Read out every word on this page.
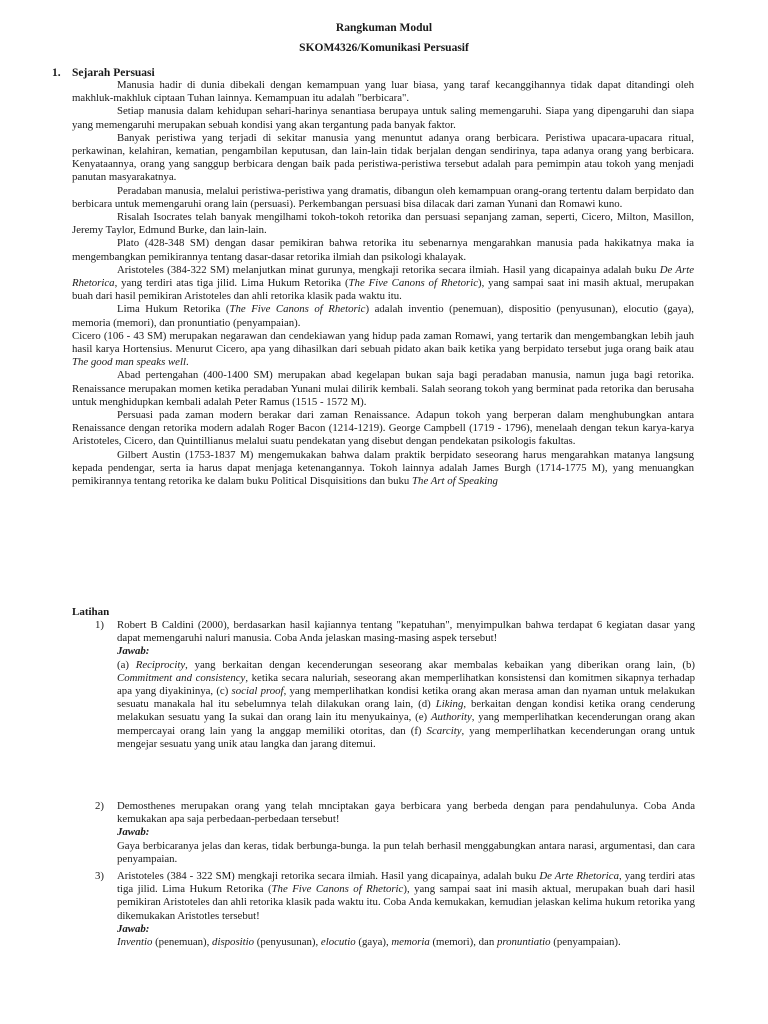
Rangkuman Modul
SKOM4326/Komunikasi Persuasif
1. Sejarah Persuasi

Manusia hadir di dunia dibekali dengan kemampuan yang luar biasa, yang taraf kecanggihannya tidak dapat ditandingi oleh makhluk-makhluk ciptaan Tuhan lainnya. Kemampuan itu adalah "berbicara".

Setiap manusia dalam kehidupan sehari-harinya senantiasa berupaya untuk saling memengaruhi. Siapa yang dipengaruhi dan siapa yang memengaruhi merupakan sebuah kondisi yang akan tergantung pada banyak faktor.

Banyak peristiwa yang terjadi di sekitar manusia yang menuntut adanya orang berbicara. Peristiwa upacara-upacara ritual, perkawinan, kelahiran, kematian, pengambilan keputusan, dan lain-lain tidak berjalan dengan sendirinya, tapa adanya orang yang berbicara. Kenyataannya, orang yang sanggup berbicara dengan baik pada peristiwa-peristiwa tersebut adalah para pemimpin atau tokoh yang menjadi panutan masyarakatnya.

Peradaban manusia, melalui peristiwa-peristiwa yang dramatis, dibangun oleh kemampuan orang-orang tertentu dalam berpidato dan berbicara untuk memengaruhi orang lain (persuasi). Perkembangan persuasi bisa dilacak dari zaman Yunani dan Romawi kuno.

Risalah Isocrates telah banyak mengilhami tokoh-tokoh retorika dan persuasi sepanjang zaman, seperti, Cicero, Milton, Masillon, Jeremy Taylor, Edmund Burke, dan lain-lain.

Plato (428-348 SM) dengan dasar pemikiran bahwa retorika itu sebenarnya mengarahkan manusia pada hakikatnya maka ia mengembangkan pemikirannya tentang dasar-dasar retorika ilmiah dan psikologi khalayak.

Aristoteles (384-322 SM) melanjutkan minat gurunya, mengkaji retorika secara ilmiah. Hasil yang dicapainya adalah buku De Arte Rhetorica, yang terdiri atas tiga jilid. Lima Hukum Retorika (The Five Canons of Rhetoric), yang sampai saat ini masih aktual, merupakan buah dari hasil pemikiran Aristoteles dan ahli retorika klasik pada waktu itu.

Lima Hukum Retorika (The Five Canons of Rhetoric) adalah inventio (penemuan), dispositio (penyusunan), elocutio (gaya), memoria (memori), dan pronuntiatio (penyampaian).

Cicero (106 - 43 SM) merupakan negarawan dan cendekiawan yang hidup pada zaman Romawi, yang tertarik dan mengembangkan lebih jauh hasil karya Hortensius. Menurut Cicero, apa yang dihasilkan dari sebuah pidato akan baik ketika yang berpidato tersebut juga orang baik atau The good man speaks well.

Abad pertengahan (400-1400 SM) merupakan abad kegelapan bukan saja bagi peradaban manusia, namun juga bagi retorika. Renaissance merupakan momen ketika peradaban Yunani mulai dilirik kembali. Salah seorang tokoh yang berminat pada retorika dan berusaha untuk menghidupkan kembali adalah Peter Ramus (1515 - 1572 M).

Persuasi pada zaman modern berakar dari zaman Renaissance. Adapun tokoh yang berperan dalam menghubungkan antara Renaissance dengan retorika modern adalah Roger Bacon (1214-1219). George Campbell (1719 - 1796), menelaah dengan tekun karya-karya Aristoteles, Cicero, dan Quintillianus melalui suatu pendekatan yang disebut dengan pendekatan psikologis fakultas.

Gilbert Austin (1753-1837 M) mengemukakan bahwa dalam praktik berpidato seseorang harus mengarahkan matanya langsung kepada pendengar, serta ia harus dapat menjaga ketenangannya. Tokoh lainnya adalah James Burgh (1714-1775 M), yang menuangkan pemikirannya tentang retorika ke dalam buku Political Disquisitions dan buku The Art of Speaking

Latihan
1)	Robert B Caldini (2000), berdasarkan hasil kajiannya tentang "kepatuhan", menyimpulkan bahwa terdapat 6 kegiatan dasar yang dapat memengaruhi naluri manusia. Coba Anda jelaskan masing-masing aspek tersebut!

Jawab:

(a) Reciprocity, yang berkaitan dengan kecenderungan seseorang akar membalas kebaikan yang diberikan orang lain, (b) Commitment and consistency, ketika secara naluriah, seseorang akan memperlihatkan konsistensi dan komitmen sikapnya terhadap apa yang diyakininya, (c) social proof, yang memperlihatkan kondisi ketika orang akan merasa aman dan nyaman untuk melakukan sesuatu manakala hal itu sebelumnya telah dilakukan orang lain, (d) Liking, berkaitan dengan kondisi ketika orang cenderung melakukan sesuatu yang Ia sukai dan orang lain itu menyukainya, (e) Authority, yang memperlihatkan kecenderungan orang akan mempercayai orang lain yang la anggap memiliki otoritas, dan (f) Scarcity, yang memperlihatkan kecenderungan orang untuk mengejar sesuatu yang unik atau langka dan jarang ditemui.

2)	Demosthenes merupakan orang yang telah mnciptakan gaya berbicara yang berbeda dengan para pendahulunya. Coba Anda kemukakan apa saja perbedaan-perbedaan tersebut!

Jawab:

Gaya berbicaranya jelas dan keras, tidak berbunga-bunga. la pun telah berhasil menggabungkan antara narasi, argumentasi, dan cara penyampaian.

3)	Aristoteles (384 - 322 SM) mengkaji retorika secara ilmiah. Hasil yang dicapainya, adalah buku De Arte Rhetorica, yang terdiri atas tiga jilid. Lima Hukum Retorika (The Five Canons of Rhetoric), yang sampai saat ini masih aktual, merupakan buah dari hasil pemikiran Aristoteles dan ahli retorika klasik pada waktu itu. Coba Anda kemukakan, kemudian jelaskan kelima hukum retorika yang dikemukakan Aristotles tersebut!

Jawab:

Inventio (penemuan), dispositio (penyusunan), elocutio (gaya), memoria (memori), dan pronuntiatio (penyampaian).
